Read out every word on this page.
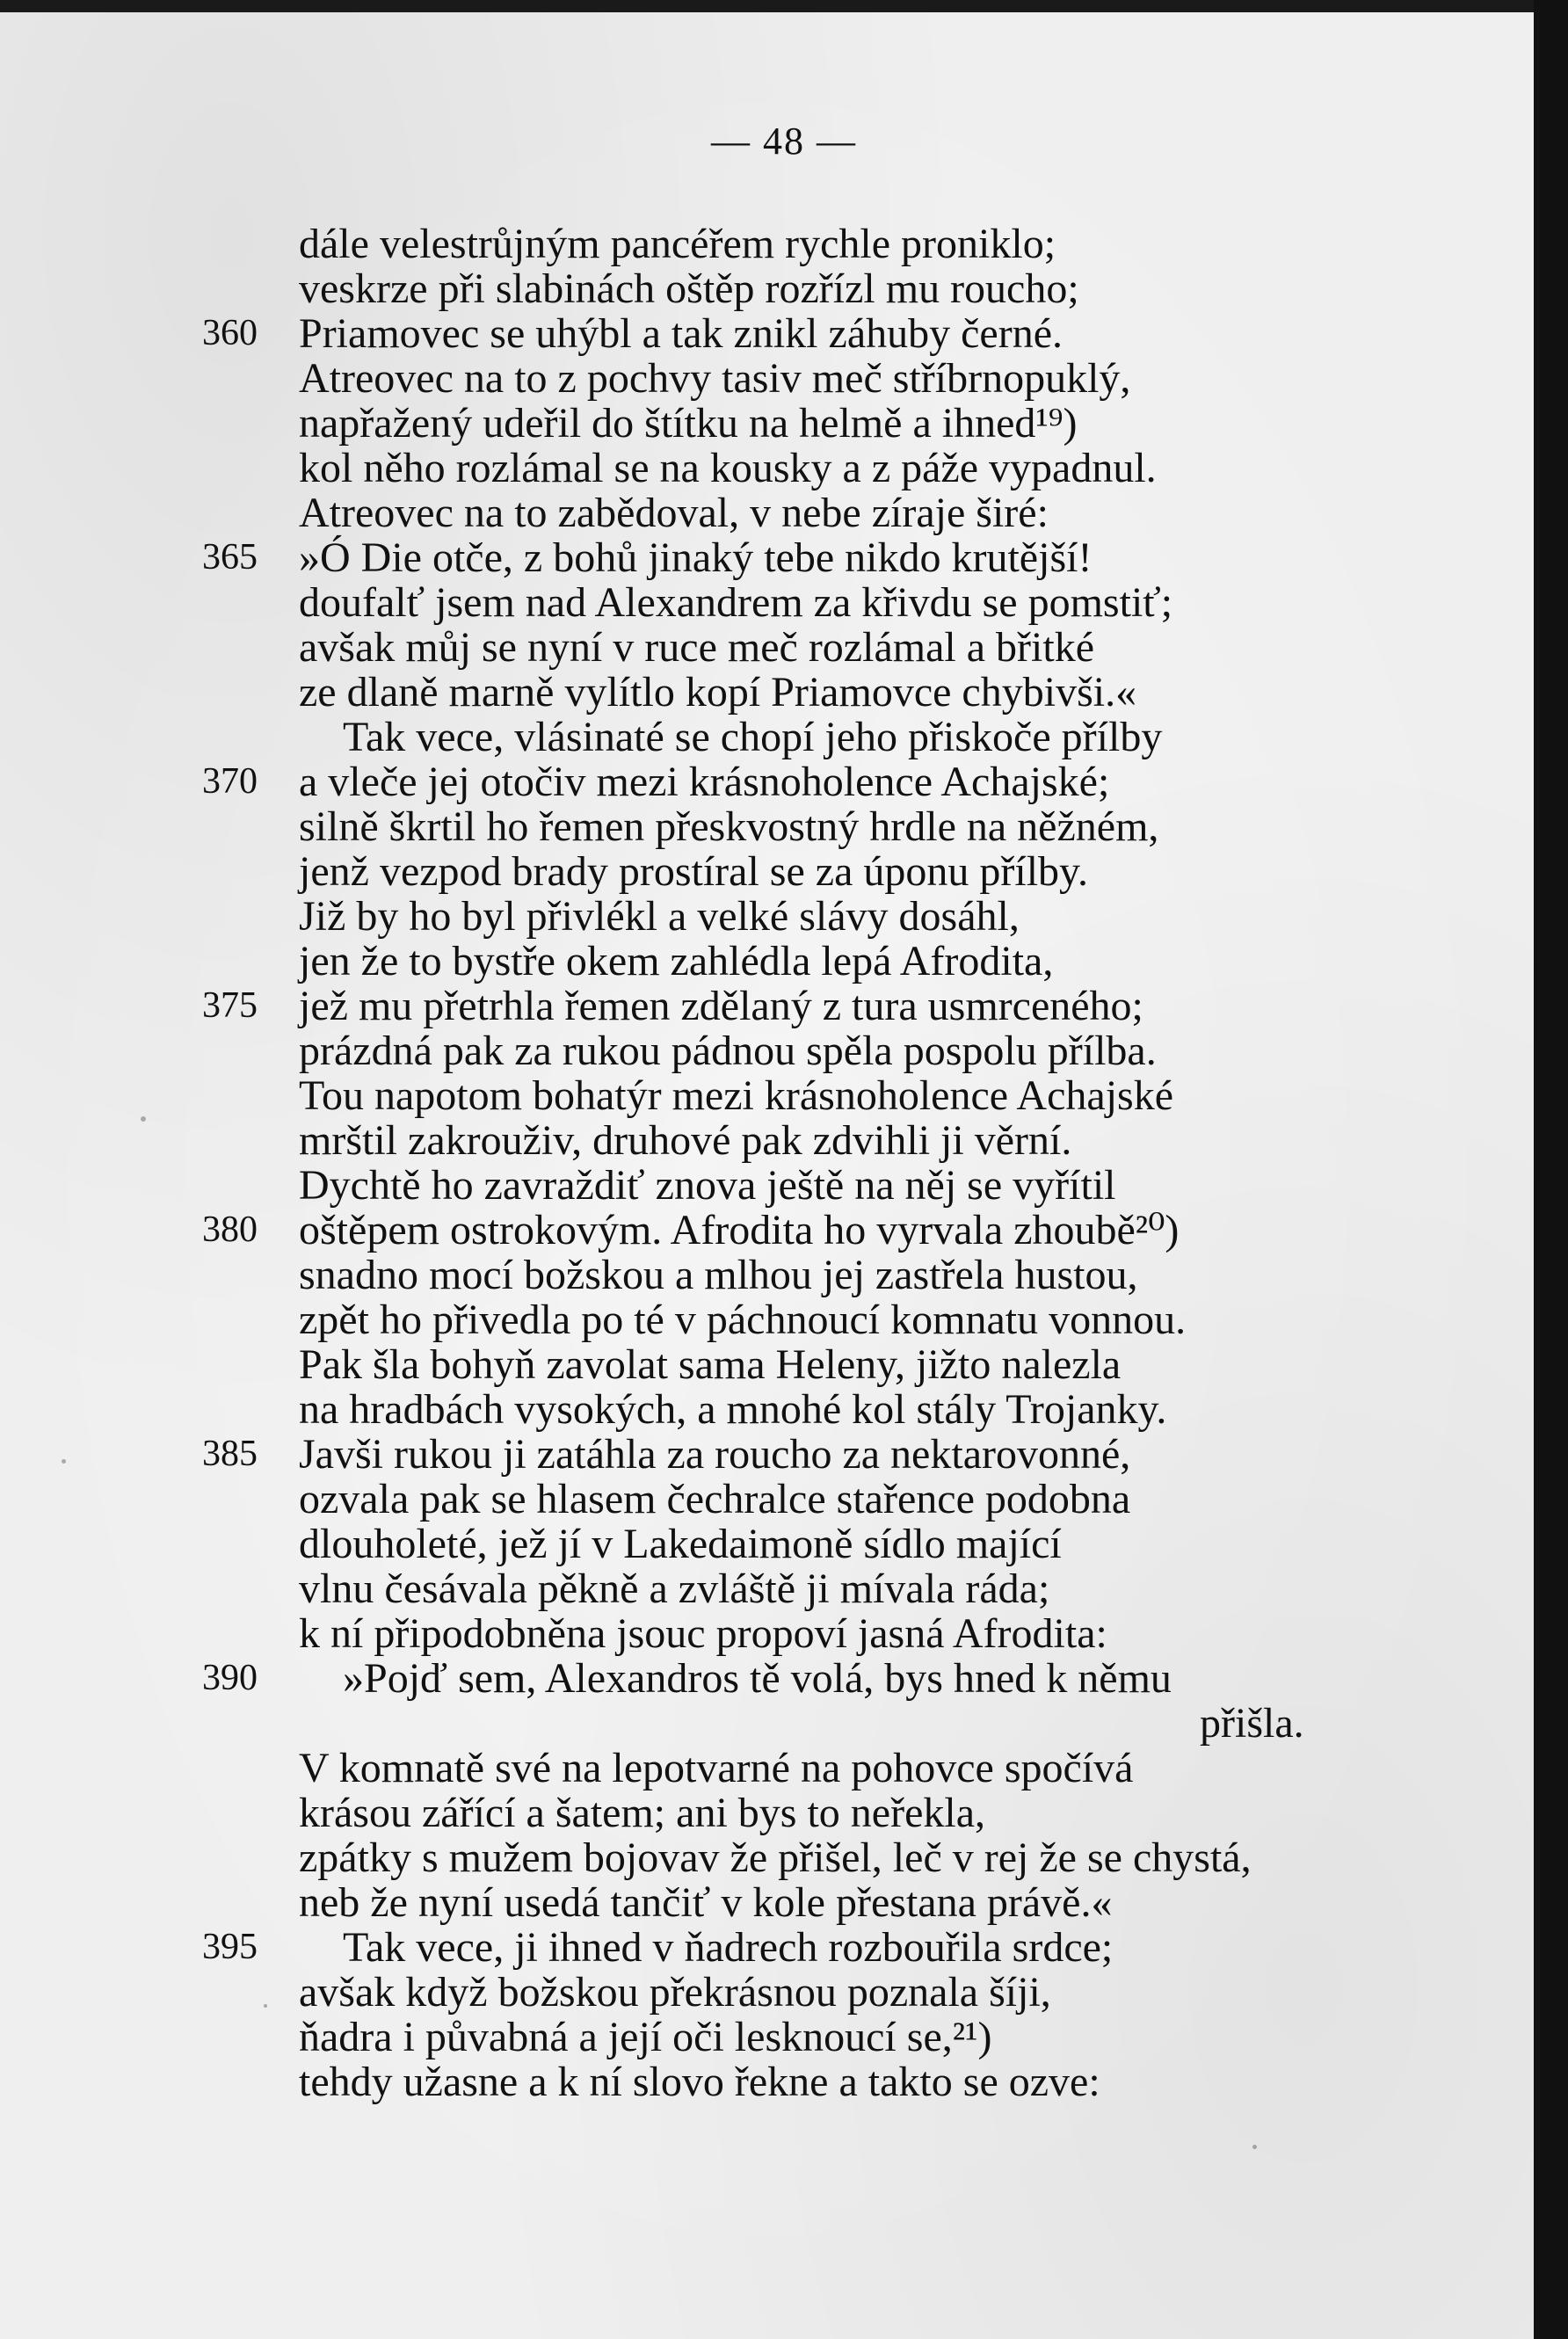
— 48 —
dále velestrůjným pancéřem rychle proniklo;
veskrze při slabinách oštěp rozřízl mu roucho;
360 Priamovec se uhýbl a tak znikl záhuby černé.
Atreovec na to z pochvy tasiv meč stříbrnopuklý,
napřažený udeřil do štítku na helmě a ihned¹⁹)
kol něho rozlámal se na kousky a z páže vypadnul.
Atreovec na to zabědoval, v nebe zíraje širé:
365 »Ó Die otče, z bohů jinaký tebe nikdo krutější!
doufalť jsem nad Alexandrem za křivdu se pomstiť;
avšak můj se nyní v ruce meč rozlámal a břitké
ze dlaně marně vylítlo kopí Priamovce chybivši.«
Tak vece, vlásinaté se chopí jeho přiskoče přílby
370 a vleče jej otočiv mezi krásnoholence Achajské;
silně škrtil ho řemen přeskvostný hrdle na něžném,
jenž vezpod brady prostíral se za úponu přílby.
Již by ho byl přivlékl a velké slávy dosáhl,
jen že to bystře okem zahlédla lepá Afrodita,
375 jež mu přetrhla řemen zdělaný z tura usmrceného;
prázdná pak za rukou pádnou spěla pospolu přílba.
Tou napotom bohatýr mezi krásnoholence Achajské
mrštil zakrouživ, druhové pak zdvihli ji věrní.
Dychtě ho zavraždiť znova ještě na něj se vyřítil
380 oštěpem ostrokovým. Afrodita ho vyrvala zhoubě²⁰)
snadno mocí božskou a mlhou jej zastřela hustou,
zpět ho přivedla po té v páchnoucí komnatu vonnou.
Pak šla bohyň zavolat sama Heleny, jižto nalezla
na hradbách vysokých, a mnohé kol stály Trojanky.
385 Javši rukou ji zatáhla za roucho za nektarovonné,
ozvala pak se hlasem čechralce stařence podobna
dlouholeté, jež jí v Lakedaimoně sídlo mající
vlnu česávala pěkně a zvláště ji mívala ráda;
k ní připodobněna jsouc propoví jasná Afrodita:
390	»Pojď sem, Alexandros tě volá, bys hned k němu
přišla.
V komnatě své na lepotvarné na pohovce spočívá
krásou zářící a šatem; ani bys to neřekla,
zpátky s mužem bojovav že přišel, leč v rej že se chystá,
neb že nyní usedá tančiť v kole přestana právě.«
395	Tak vece, ji ihned v ňadrech rozbouřila srdce;
avšak když božskou překrásnou poznala šíji,
ňadra i půvabná a její oči lesknoucí se,²¹)
tehdy užasne a k ní slovo řekne a takto se ozve:
